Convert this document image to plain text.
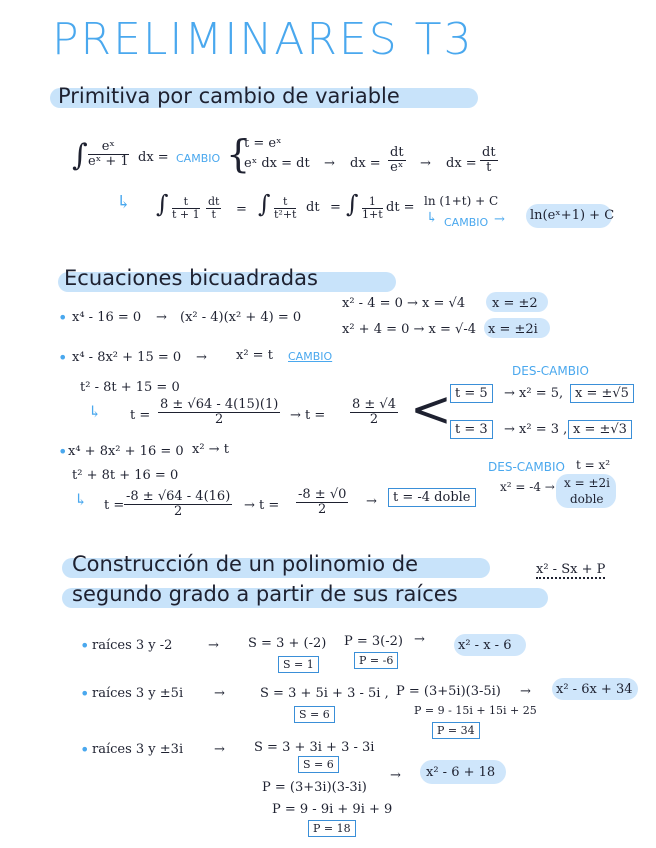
PRELIMINARES T3
Primitiva por cambio de variable
∫ $\frac{\text{eˣ}}{\text{eˣ + 1}}$ dx = CAMBIO {
t = eˣ
eˣ dx = dt → dx = $\frac{dt}{\text{eˣ}}$ → dx = $\frac{dt}{t}$
↳ ∫ $\frac{t}{t + 1} \frac{dt}{t}$ = ∫ $\frac{t}{\text{t²+t}}$ dt = ∫ $\frac{1}{1+t}$ dt = ln (1+t) + C
↳ CAMBIO → ln(eˣ+1) + C
Ecuaciones bicuadradas
• x⁴ - 16 = 0 → (x² - 4)(x² + 4) = 0
x² - 4 = 0 → x = √4 x = ±2
x² + 4 = 0 → x = √-4 x = ±2i
• x⁴ - 8x² + 15 = 0 → x² = t CAMBIO
t² - 8t + 15 = 0
↳ $t = \frac{8 \pm √64 - 4(15)(1)}{2} \to t = \frac{8 \pm √4}{2}$ <
DES-CAMBIO
t = 5	→ x² = 5, x = ±√5
t = 3	→ x² = 3 , x = ±√3
• x⁴ + 8x² + 16 = 0 x² → t
t² + 8t + 16 = 0
↳ $t = \frac{-8 \pm √64 - 4(16)}{2} \to t = \frac{-8 \pm √0}{2}$ →	t = -4 doble
DES-CAMBIO t = x²
x² = -4 → x = ±2i
doble
Construcción de un polinomio de
segundo grado a partir de sus raíces
x² - Sx + P
• raíces 3 y -2	→ S = 3 + (-2) P = 3(-2) →	x² - x - 6
S = 1	P = -6
• raíces 3 y ±5i →	S = 3 + 5i + 3 - 5i , P = (3+5i)(3-5i) → x² - 6x + 34
S = 6	P = 9 - 15i + 15i + 25
P = 34
• raíces 3 y ±3i → S = 3 + 3i + 3 - 3i
S = 6
P = (3+3i)(3-3i)
→ x² - 6 + 18
P = 9 - 9i + 9i + 9
P = 18
